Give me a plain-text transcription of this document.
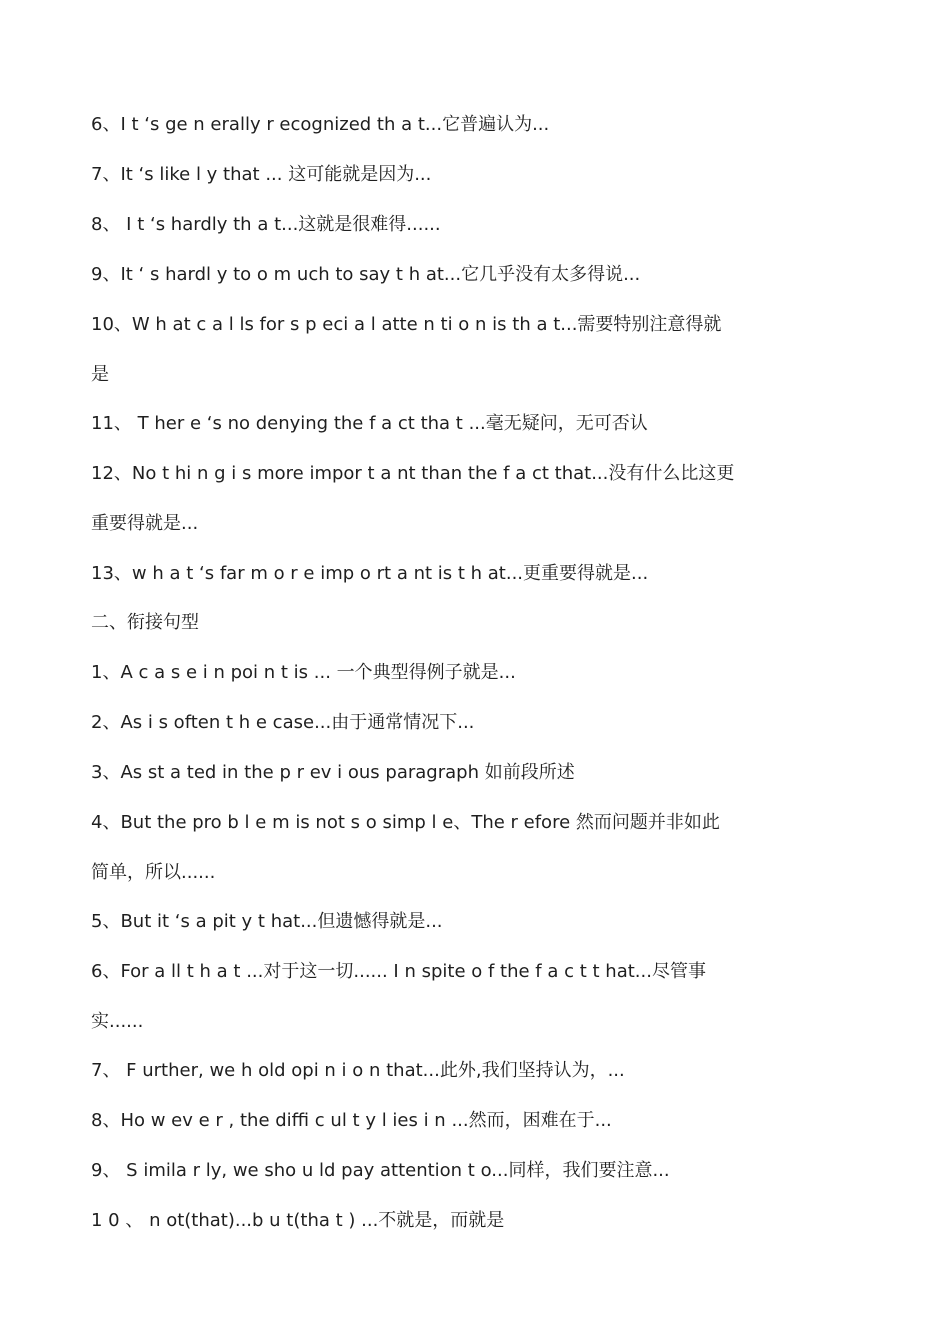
6、I t ‘s ge n erally r ecognized th a t...它普遍认为...

7、It ‘s like l y that ... 这可能就是因为...

8、 I t ‘s hardly th a t...这就是很难得......

9、It ‘ s hardl y to o m uch to say t h at...它几乎没有太多得说...

10、W h at c a l ls for s p eci a l atte n ti o n is th a t...需要特别注意得就

是

11、 T her e ‘s no denying the f a ct tha t ...毫无疑问，无可否认

12、No t hi n g i s more impor t a nt than the f a ct that...没有什么比这更

重要得就是...

13、w h a t ‘s far m o r e imp o rt a nt is t h at...更重要得就是...

二、衔接句型

1、A c a s e i n poi n t is ... 一个典型得例子就是...

2、As i s often t h e case...由于通常情况下...

3、As st a ted in the p r ev i ous paragraph 如前段所述

4、But the pro b l e m is not s o simp l e、The r efore 然而问题并非如此

简单，所以......

5、But it ‘s a pit y t hat...但遗憾得就是...

6、For a ll t h a t ...对于这一切...... I n spite o f the f a c t t hat...尽管事

实......

7、 F urther, we h old opi n i o n that...此外,我们坚持认为，...

8、Ho w ev e r , the diffi c ul t y l ies i n ...然而，困难在于...

9、 S imila r ly, we sho u ld pay attention t o...同样，我们要注意...

1 0 、 n ot(that)...b u t(tha t ) ...不就是，而就是
